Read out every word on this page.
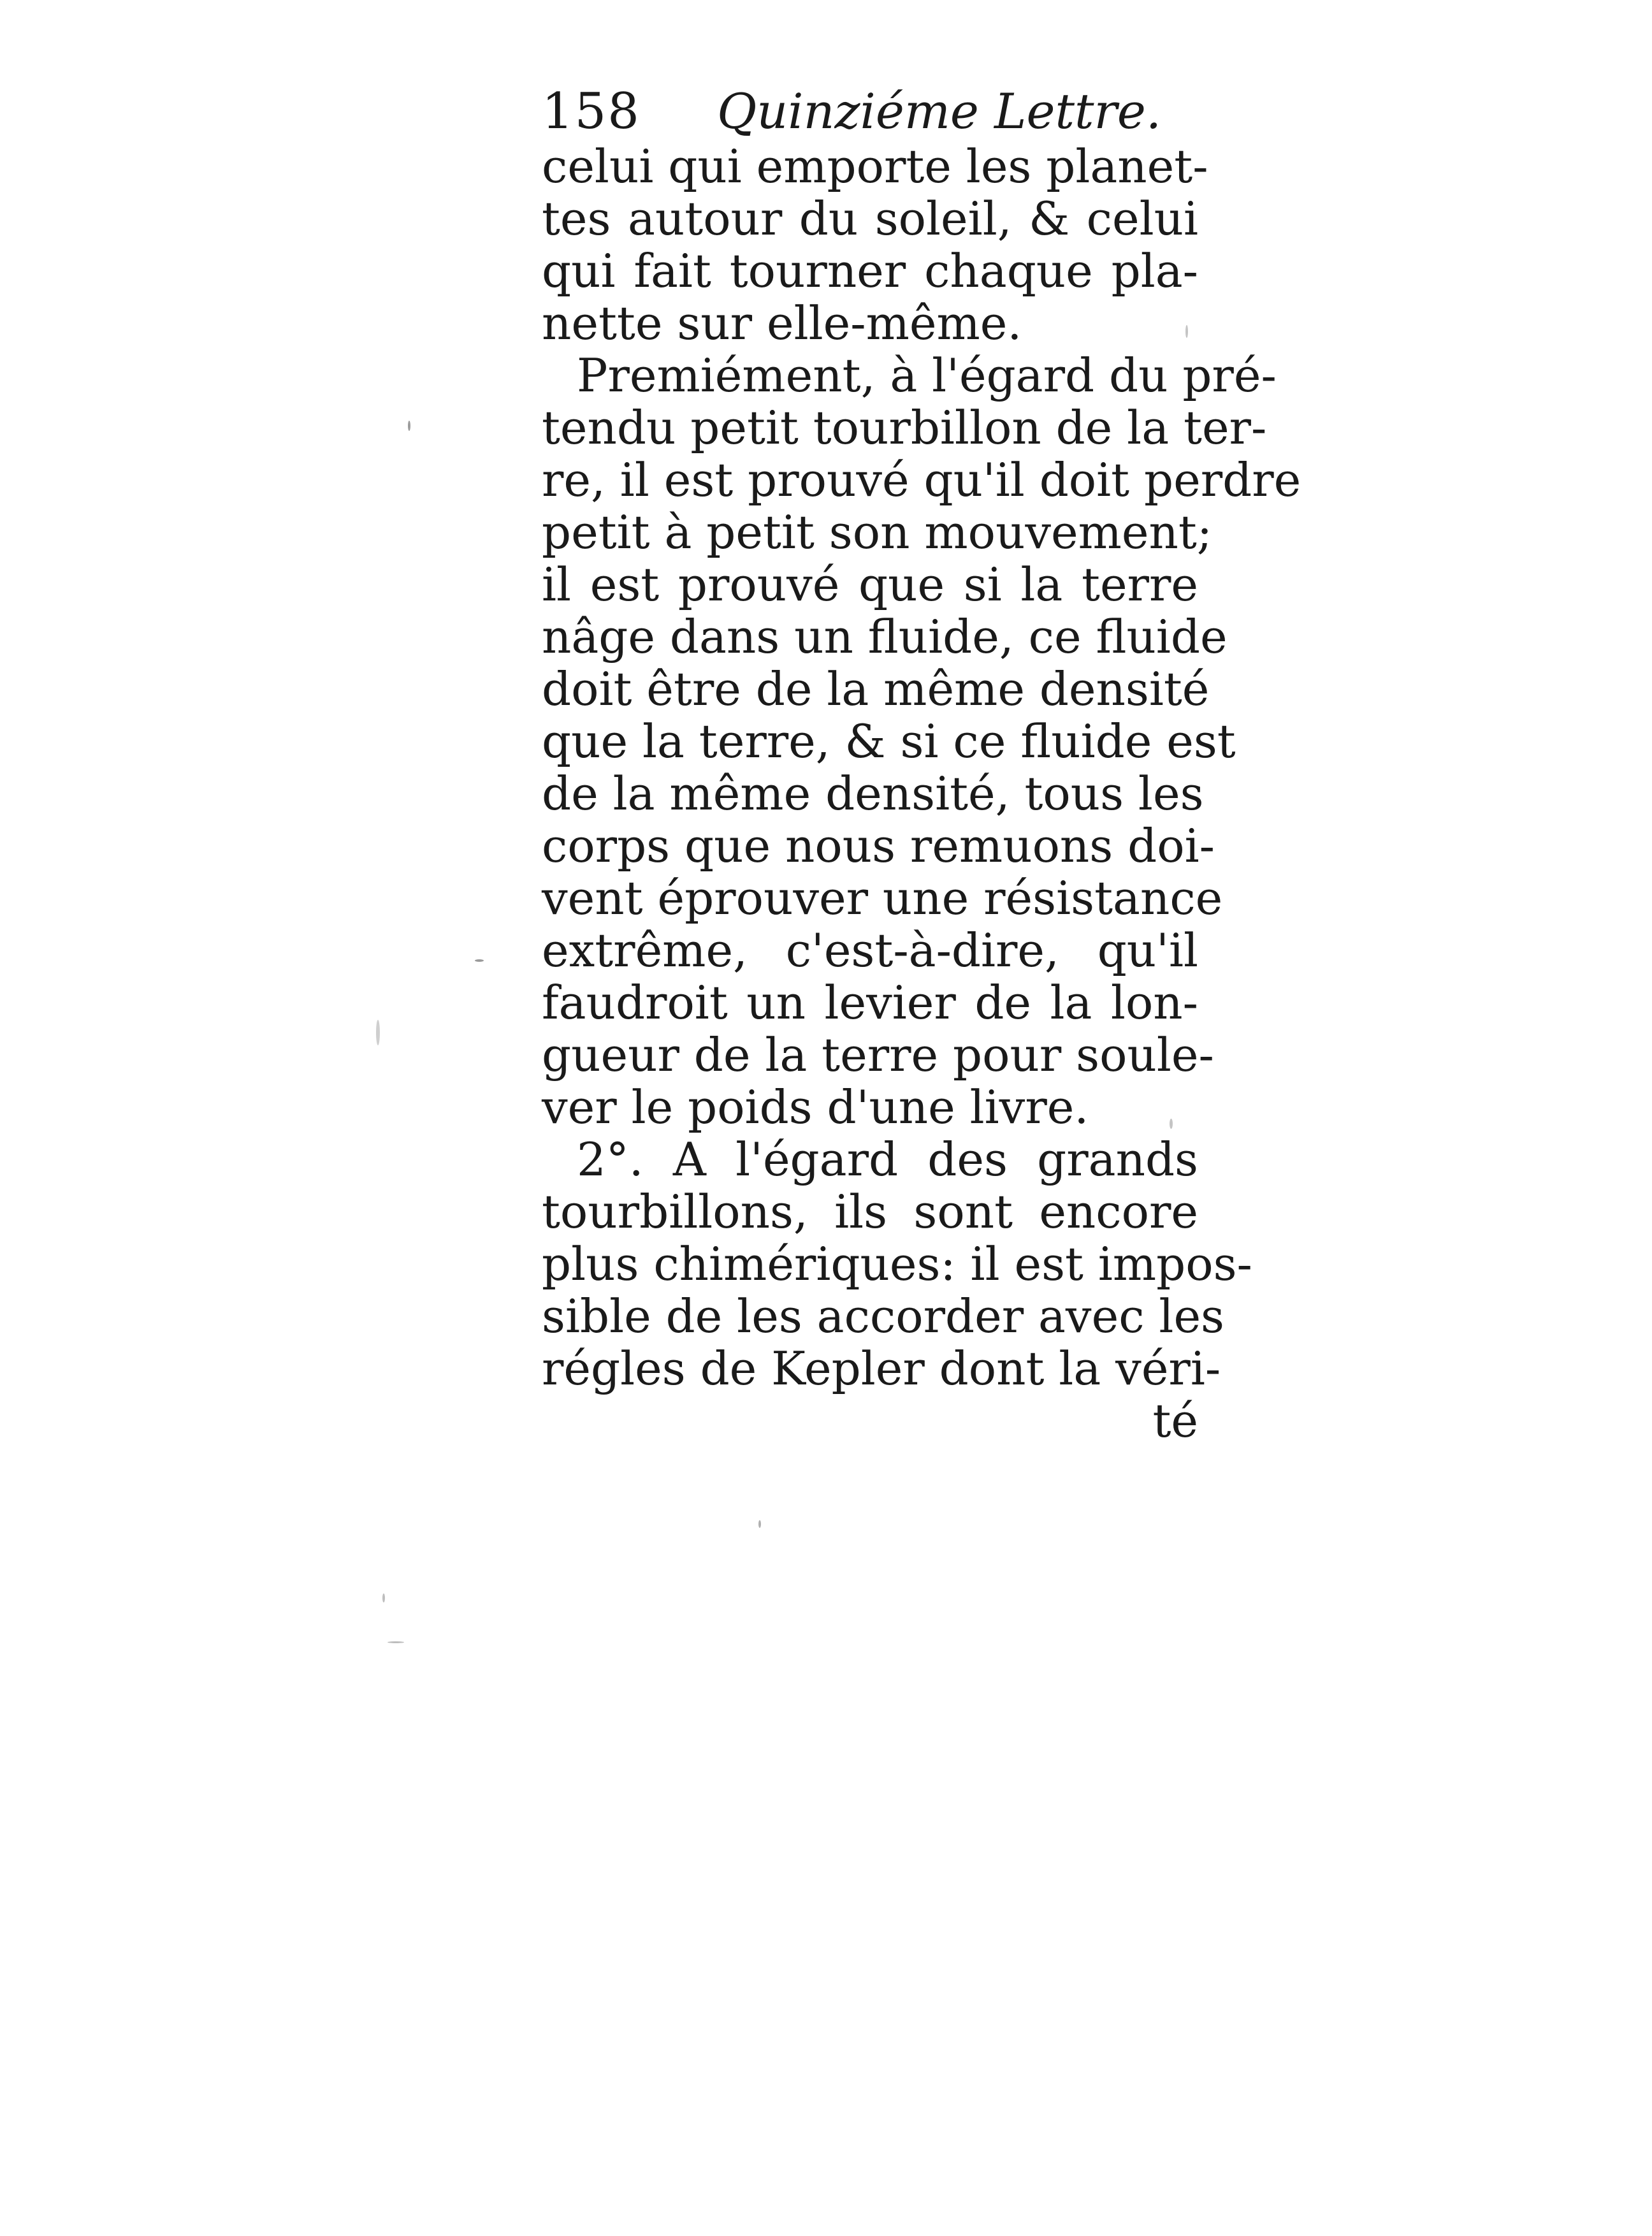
158 Quinziéme Lettre.
celui qui emporte les planet-
tes autour du soleil, & celui
qui fait tourner chaque pla-
nette sur elle-même.
Premiément, à l'égard du pré-
tendu petit tourbillon de la ter-
re, il est prouvé qu'il doit perdre
petit à petit son mouvement;
il est prouvé que si la terre
nâge dans un fluide, ce fluide
doit être de la même densité
que la terre, & si ce fluide est
de la même densité, tous les
corps que nous remuons doi-
vent éprouver une résistance
extrême, c'est-à-dire, qu'il
faudroit un levier de la lon-
gueur de la terre pour soule-
ver le poids d'une livre.
2°. A l'égard des grands
tourbillons, ils sont encore
plus chimériques: il est impos-
sible de les accorder avec les
régles de Kepler dont la véri-
té
